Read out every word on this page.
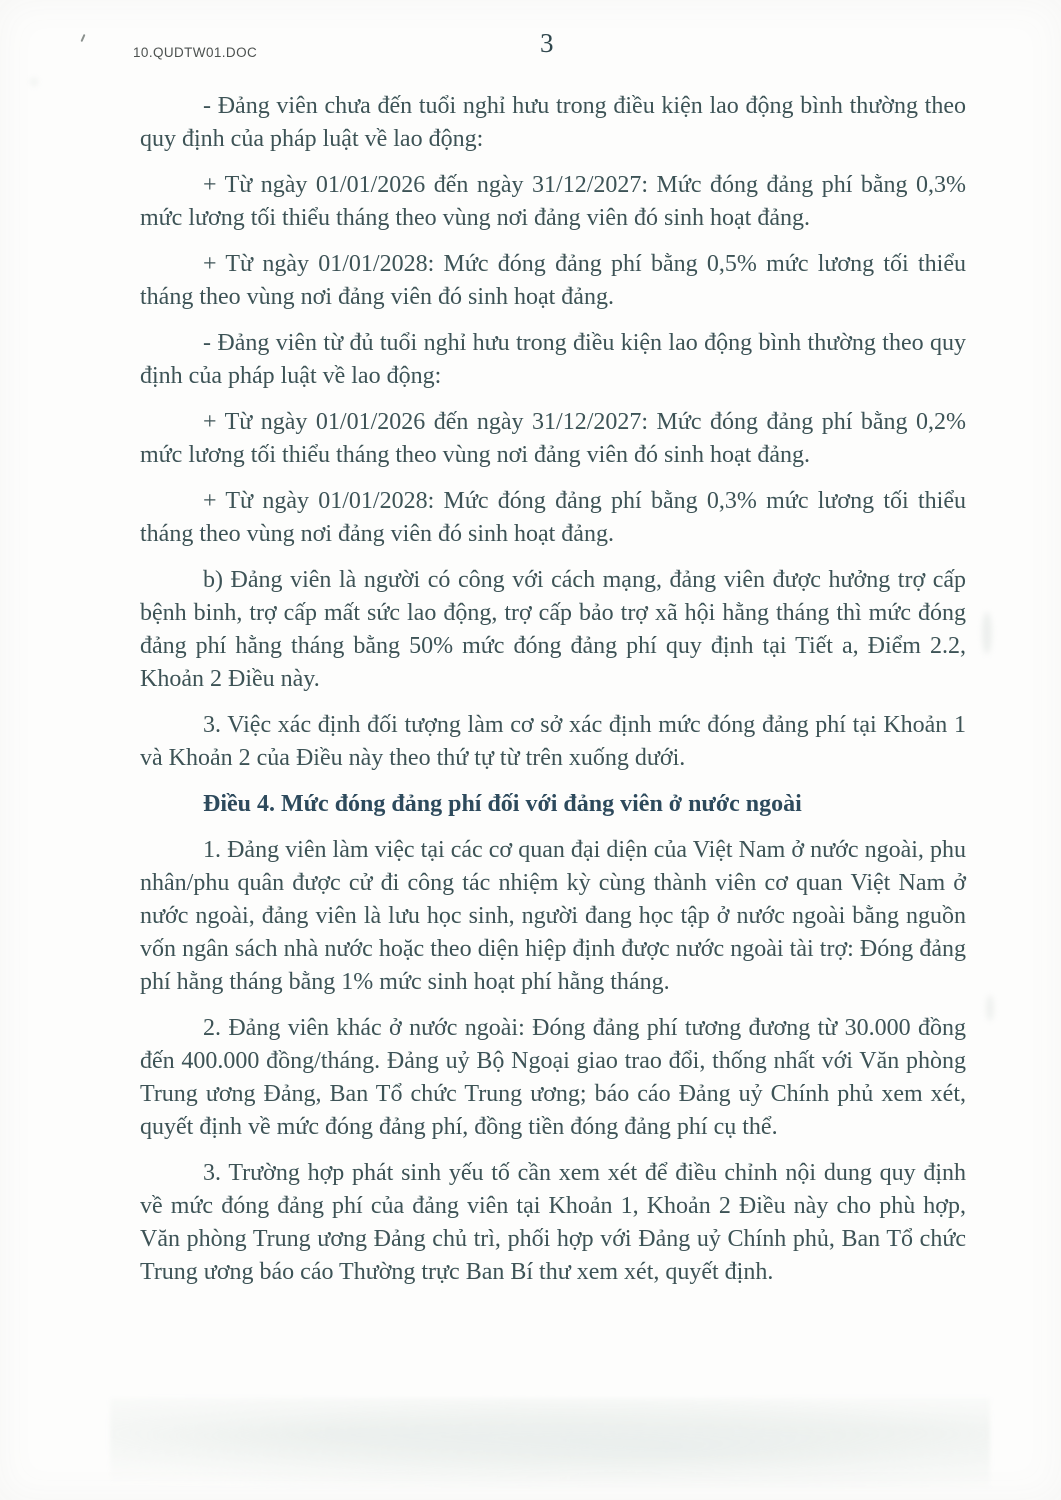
10.QUDTW01.DOC	3

- Đảng viên chưa đến tuổi nghỉ hưu trong điều kiện lao động bình thường theo quy định của pháp luật về lao động:

+ Từ ngày 01/01/2026 đến ngày 31/12/2027: Mức đóng đảng phí bằng 0,3% mức lương tối thiểu tháng theo vùng nơi đảng viên đó sinh hoạt đảng.

+ Từ ngày 01/01/2028: Mức đóng đảng phí bằng 0,5% mức lương tối thiểu tháng theo vùng nơi đảng viên đó sinh hoạt đảng.

- Đảng viên từ đủ tuổi nghỉ hưu trong điều kiện lao động bình thường theo quy định của pháp luật về lao động:

+ Từ ngày 01/01/2026 đến ngày 31/12/2027: Mức đóng đảng phí bằng 0,2% mức lương tối thiểu tháng theo vùng nơi đảng viên đó sinh hoạt đảng.

+ Từ ngày 01/01/2028: Mức đóng đảng phí bằng 0,3% mức lương tối thiểu tháng theo vùng nơi đảng viên đó sinh hoạt đảng.

b) Đảng viên là người có công với cách mạng, đảng viên được hưởng trợ cấp bệnh binh, trợ cấp mất sức lao động, trợ cấp bảo trợ xã hội hằng tháng thì mức đóng đảng phí hằng tháng bằng 50% mức đóng đảng phí quy định tại Tiết a, Điểm 2.2, Khoản 2 Điều này.

3. Việc xác định đối tượng làm cơ sở xác định mức đóng đảng phí tại Khoản 1 và Khoản 2 của Điều này theo thứ tự từ trên xuống dưới.

Điều 4. Mức đóng đảng phí đối với đảng viên ở nước ngoài

1. Đảng viên làm việc tại các cơ quan đại diện của Việt Nam ở nước ngoài, phu nhân/phu quân được cử đi công tác nhiệm kỳ cùng thành viên cơ quan Việt Nam ở nước ngoài, đảng viên là lưu học sinh, người đang học tập ở nước ngoài bằng nguồn vốn ngân sách nhà nước hoặc theo diện hiệp định được nước ngoài tài trợ: Đóng đảng phí hằng tháng bằng 1% mức sinh hoạt phí hằng tháng.

2. Đảng viên khác ở nước ngoài: Đóng đảng phí tương đương từ 30.000 đồng đến 400.000 đồng/tháng. Đảng uỷ Bộ Ngoại giao trao đổi, thống nhất với Văn phòng Trung ương Đảng, Ban Tổ chức Trung ương; báo cáo Đảng uỷ Chính phủ xem xét, quyết định về mức đóng đảng phí, đồng tiền đóng đảng phí cụ thể.

3. Trường hợp phát sinh yếu tố cần xem xét để điều chỉnh nội dung quy định về mức đóng đảng phí của đảng viên tại Khoản 1, Khoản 2 Điều này cho phù hợp, Văn phòng Trung ương Đảng chủ trì, phối hợp với Đảng uỷ Chính phủ, Ban Tổ chức Trung ương báo cáo Thường trực Ban Bí thư xem xét, quyết định.
